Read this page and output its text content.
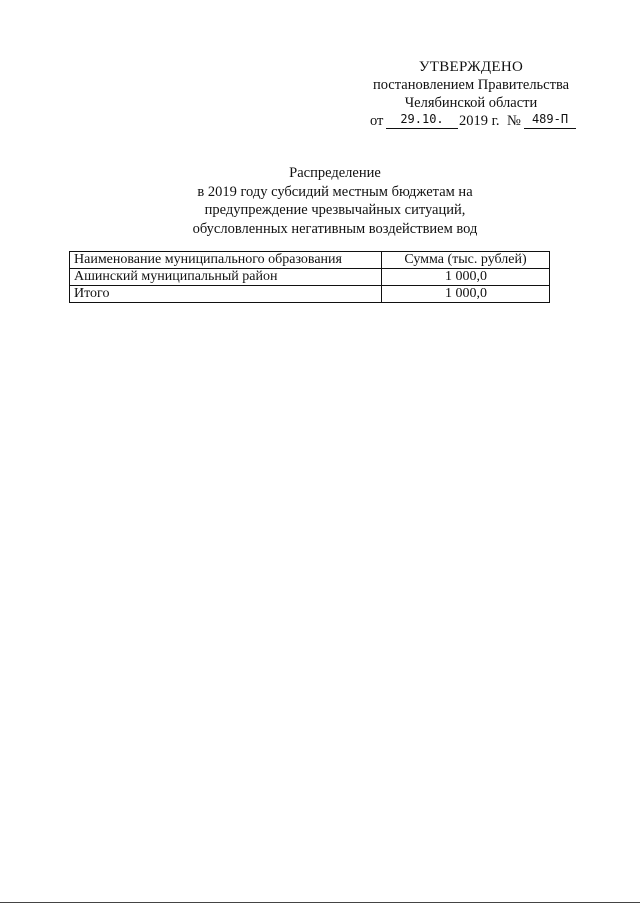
УТВЕРЖДЕНО
постановлением Правительства
Челябинской области
от	29.10.	2019 г. № 489-П
Распределение
в 2019 году субсидий местным бюджетам на
предупреждение чрезвычайных ситуаций,
обусловленных негативным воздействием вод
Наименование муниципального образования	Сумма (тыс. рублей)
Ашинский муниципальный район	1 000,0
Итого	1 000,0
